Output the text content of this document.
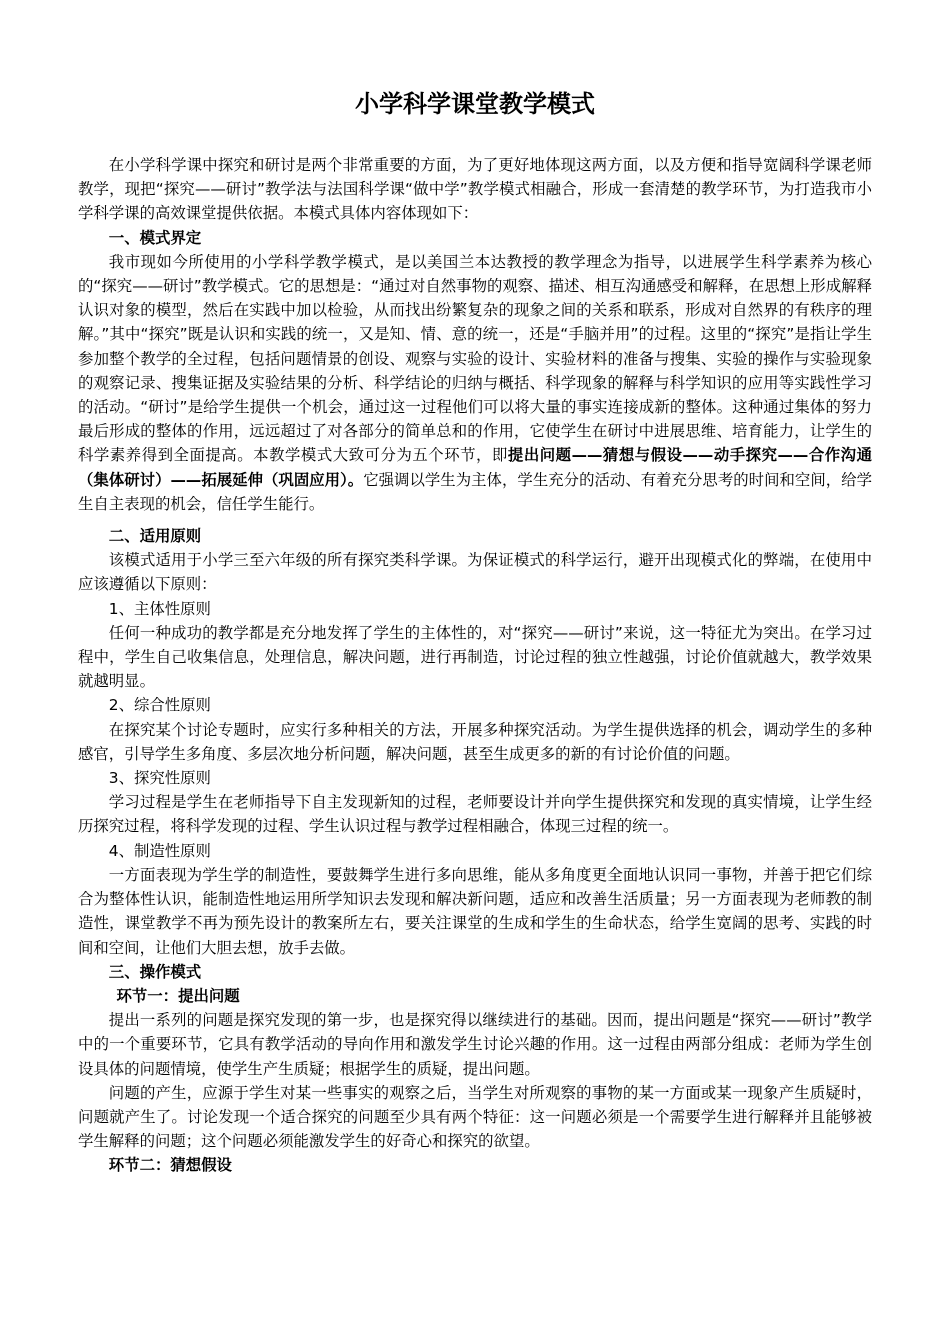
小学科学课堂教学模式

在小学科学课中探究和研讨是两个非常重要的方面，为了更好地体现这两方面，以及方便和指导宽阔科学课老师教学，现把“探究——研讨”教学法与法国科学课“做中学”教学模式相融合，形成一套清楚的教学环节，为打造我市小学科学课的高效课堂提供依据。本模式具体内容体现如下：

一、模式界定

我市现如今所使用的小学科学教学模式，是以美国兰本达教授的教学理念为指导，以进展学生科学素养为核心的“探究——研讨”教学模式。它的思想是：“通过对自然事物的观察、描述、相互沟通感受和解释，在思想上形成解释认识对象的模型，然后在实践中加以检验，从而找出纷繁复杂的现象之间的关系和联系，形成对自然界的有秩序的理解。”其中“探究”既是认识和实践的统一，又是知、情、意的统一，还是“手脑并用”的过程。这里的“探究”是指让学生参加整个教学的全过程，包括问题情景的创设、观察与实验的设计、实验材料的准备与搜集、实验的操作与实验现象的观察记录、搜集证据及实验结果的分析、科学结论的归纳与概括、科学现象的解释与科学知识的应用等实践性学习的活动。“研讨”是给学生提供一个机会，通过这一过程他们可以将大量的事实连接成新的整体。这种通过集体的努力最后形成的整体的作用，远远超过了对各部分的简单总和的作用，它使学生在研讨中进展思维、培育能力，让学生的科学素养得到全面提高。本教学模式大致可分为五个环节，即提出问题——猜想与假设——动手探究——合作沟通（集体研讨）——拓展延伸（巩固应用）。它强调以学生为主体，学生充分的活动、有着充分思考的时间和空间，给学生自主表现的机会，信任学生能行。

二、适用原则

该模式适用于小学三至六年级的所有探究类科学课。为保证模式的科学运行，避开出现模式化的弊端，在使用中应该遵循以下原则：

1、主体性原则

任何一种成功的教学都是充分地发挥了学生的主体性的，对“探究——研讨”来说，这一特征尤为突出。在学习过程中，学生自己收集信息，处理信息，解决问题，进行再制造，讨论过程的独立性越强，讨论价值就越大，教学效果就越明显。

2、综合性原则

在探究某个讨论专题时，应实行多种相关的方法，开展多种探究活动。为学生提供选择的机会，调动学生的多种感官，引导学生多角度、多层次地分析问题，解决问题，甚至生成更多的新的有讨论价值的问题。

3、探究性原则

学习过程是学生在老师指导下自主发现新知的过程，老师要设计并向学生提供探究和发现的真实情境，让学生经历探究过程，将科学发现的过程、学生认识过程与教学过程相融合，体现三过程的统一。

4、制造性原则

一方面表现为学生学的制造性，要鼓舞学生进行多向思维，能从多角度更全面地认识同一事物，并善于把它们综合为整体性认识，能制造性地运用所学知识去发现和解决新问题，适应和改善生活质量；另一方面表现为老师教的制造性，课堂教学不再为预先设计的教案所左右，要关注课堂的生成和学生的生命状态，给学生宽阔的思考、实践的时间和空间，让他们大胆去想，放手去做。

三、操作模式
环节一：提出问题

提出一系列的问题是探究发现的第一步，也是探究得以继续进行的基础。因而，提出问题是“探究——研讨”教学中的一个重要环节，它具有教学活动的导向作用和激发学生讨论兴趣的作用。这一过程由两部分组成：老师为学生创设具体的问题情境，使学生产生质疑；根据学生的质疑，提出问题。

问题的产生，应源于学生对某一些事实的观察之后，当学生对所观察的事物的某一方面或某一现象产生质疑时，问题就产生了。讨论发现一个适合探究的问题至少具有两个特征：这一问题必须是一个需要学生进行解释并且能够被学生解释的问题；这个问题必须能激发学生的好奇心和探究的欲望。

环节二：猜想假设
